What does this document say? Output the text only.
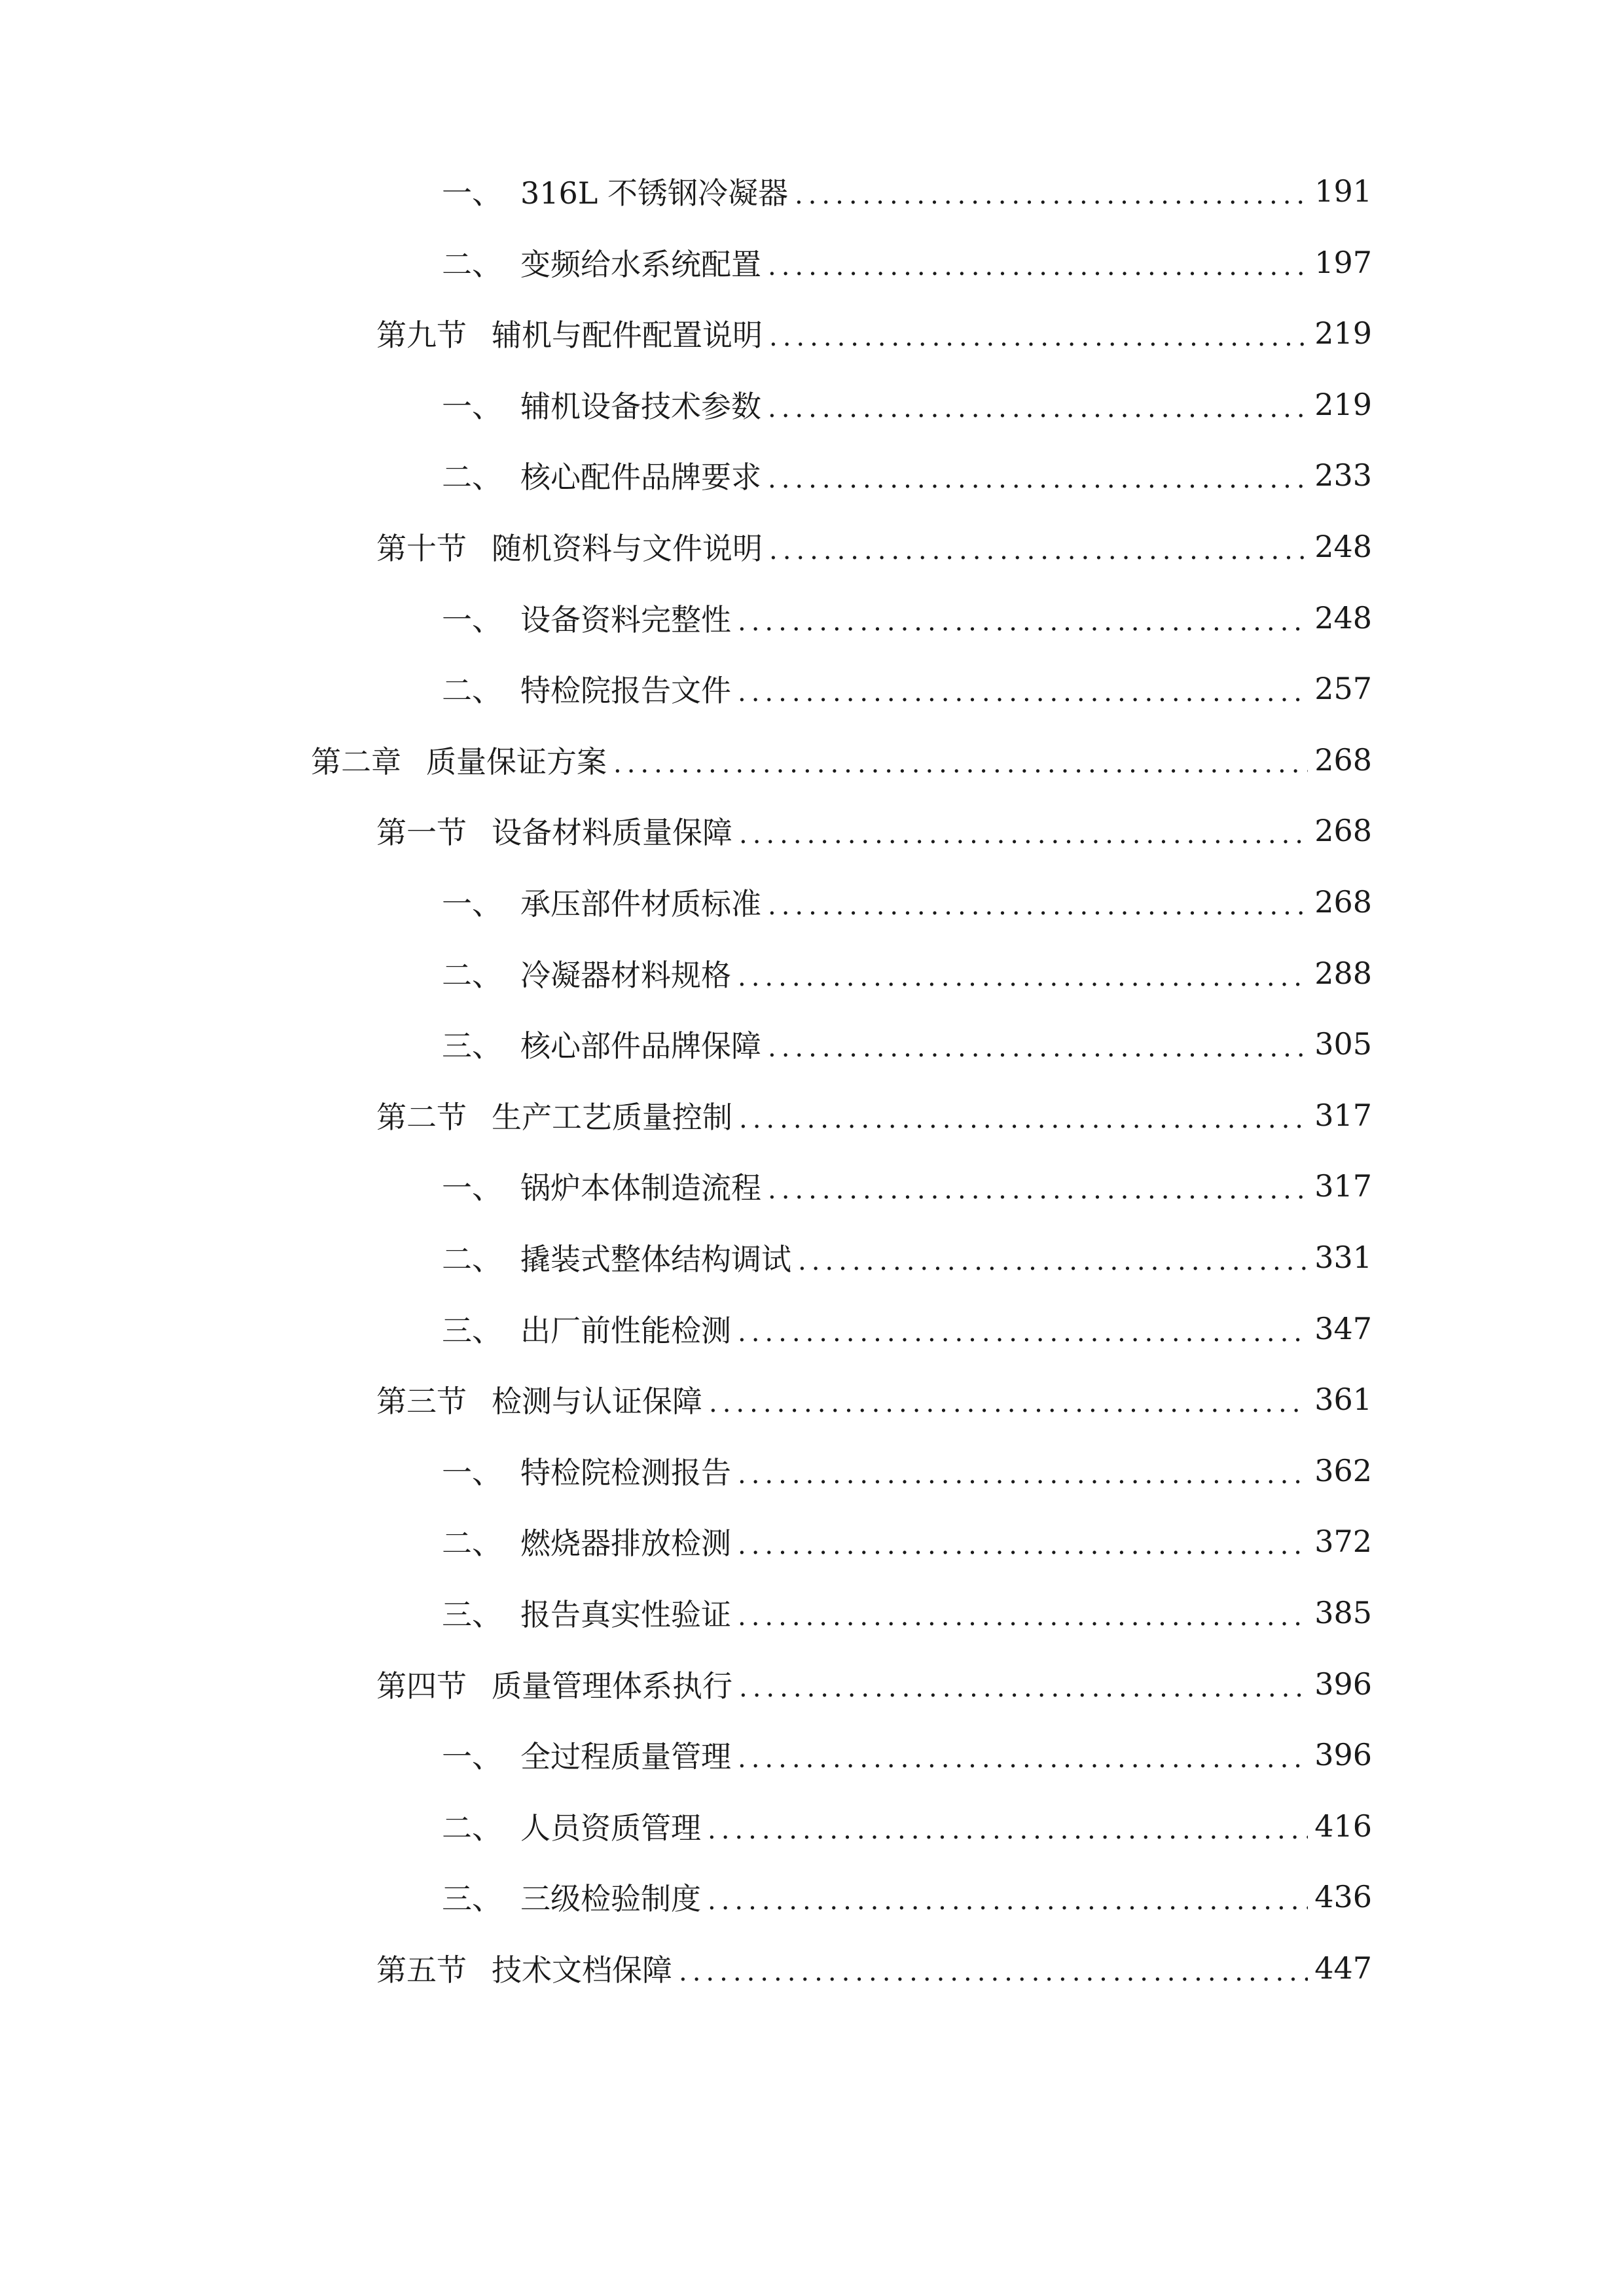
一、 316L 不锈钢冷凝器 .....	191
二、 变频给水系统配置 .....	197
第九节 辅机与配件配置说明 .....	219
一、 辅机设备技术参数 .....	219
二、 核心配件品牌要求 .....	233
第十节 随机资料与文件说明 .....	248
一、 设备资料完整性 .....	248
二、 特检院报告文件 .....	257
第二章 质量保证方案 .....	268
第一节 设备材料质量保障 .....	268
一、 承压部件材质标准 .....	268
二、 冷凝器材料规格 .....	288
三、 核心部件品牌保障 .....	305
第二节 生产工艺质量控制 .....	317
一、 锅炉本体制造流程 .....	317
二、 撬装式整体结构调试 .....	331
三、 出厂前性能检测 .....	347
第三节 检测与认证保障 .....	361
一、 特检院检测报告 .....	362
二、 燃烧器排放检测 .....	372
三、 报告真实性验证 .....	385
第四节 质量管理体系执行 .....	396
一、 全过程质量管理 .....	396
二、 人员资质管理 .....	416
三、 三级检验制度 .....	436
第五节 技术文档保障 .....	447
